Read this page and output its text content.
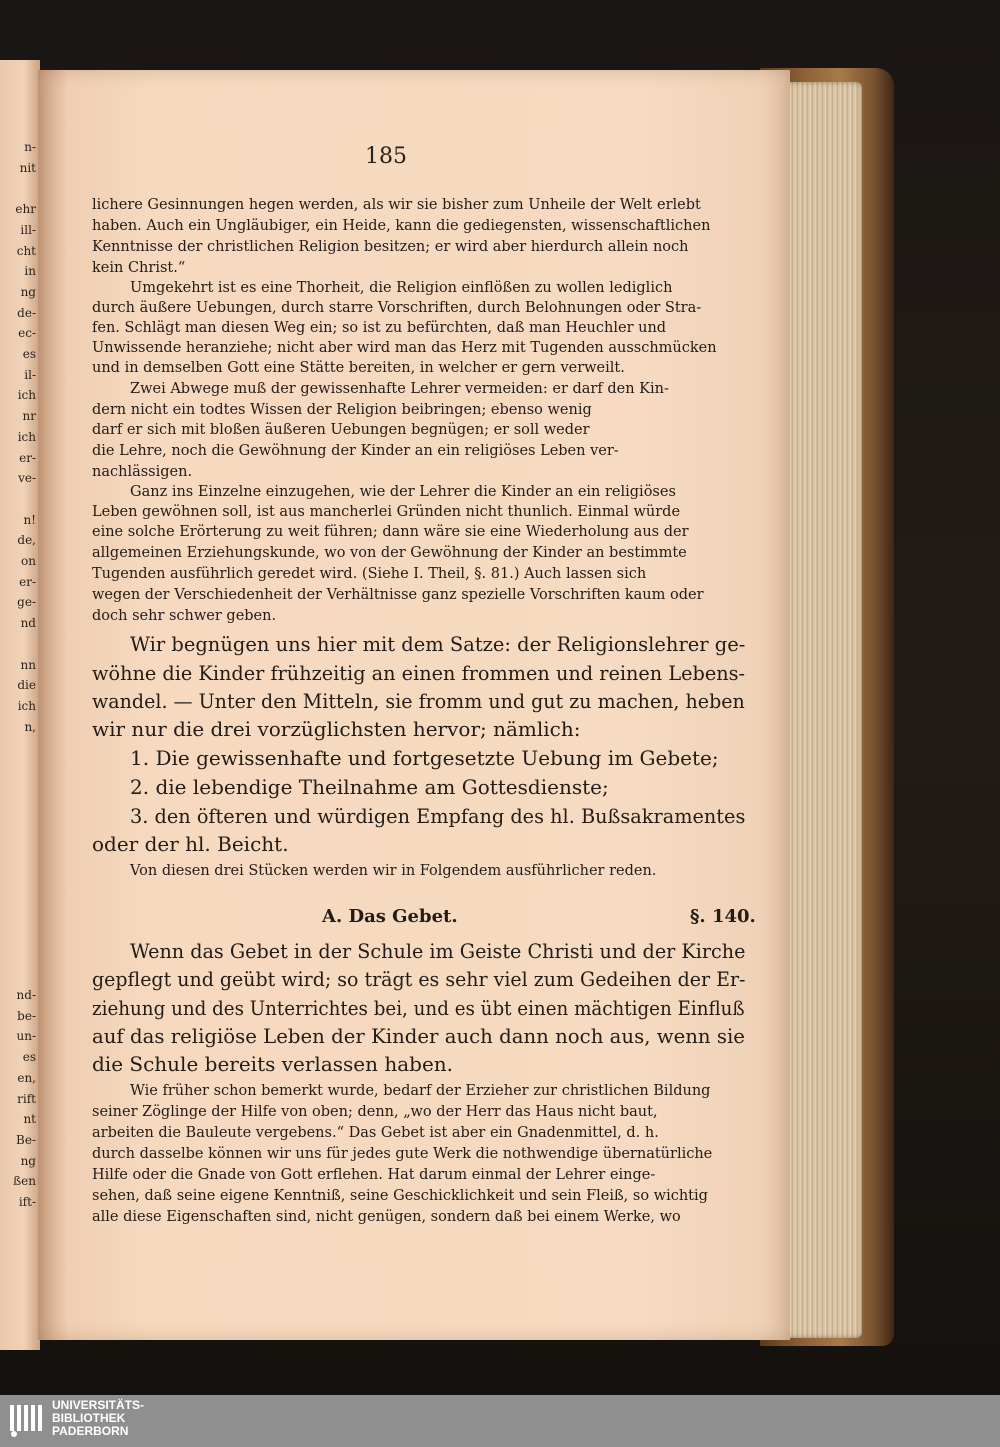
n-
nit
ehr
ill-
cht
in
ng
de-
ec-
es
il-
ich
nr
ich
er-
ve-
n!
de,
on
er-
ge-
nd
nn
die
ich
n,
nd-
be-
un-
es
en,
rift
nt
Be-
ng
ßen
ift-
185
lichere Gesinnungen hegen werden, als wir sie bisher zum Unheile der Welt erlebt
haben. Auch ein Ungläubiger, ein Heide, kann die gediegensten, wissenschaftlichen
Kenntnisse der christlichen Religion besitzen; er wird aber hierdurch allein noch
kein Christ.“
Umgekehrt ist es eine Thorheit, die Religion einflößen zu wollen lediglich
durch äußere Uebungen, durch starre Vorschriften, durch Belohnungen oder Stra-
fen. Schlägt man diesen Weg ein; so ist zu befürchten, daß man Heuchler und
Unwissende heranziehe; nicht aber wird man das Herz mit Tugenden ausschmücken
und in demselben Gott eine Stätte bereiten, in welcher er gern verweilt.
Zwei Abwege muß der gewissenhafte Lehrer vermeiden: er darf den Kin-
dern nicht ein todtes Wissen der Religion beibringen; ebenso wenig
darf er sich mit bloßen äußeren Uebungen begnügen; er soll weder
die Lehre, noch die Gewöhnung der Kinder an ein religiöses Leben ver-
nachlässigen.
Ganz ins Einzelne einzugehen, wie der Lehrer die Kinder an ein religiöses
Leben gewöhnen soll, ist aus mancherlei Gründen nicht thunlich. Einmal würde
eine solche Erörterung zu weit führen; dann wäre sie eine Wiederholung aus der
allgemeinen Erziehungskunde, wo von der Gewöhnung der Kinder an bestimmte
Tugenden ausführlich geredet wird. (Siehe I. Theil, §. 81.) Auch lassen sich
wegen der Verschiedenheit der Verhältnisse ganz spezielle Vorschriften kaum oder
doch sehr schwer geben.
Wir begnügen uns hier mit dem Satze: der Religionslehrer ge-
wöhne die Kinder frühzeitig an einen frommen und reinen Lebens-
wandel. — Unter den Mitteln, sie fromm und gut zu machen, heben
wir nur die drei vorzüglichsten hervor; nämlich:
1. Die gewissenhafte und fortgesetzte Uebung im Gebete;
2. die lebendige Theilnahme am Gottesdienste;
3. den öfteren und würdigen Empfang des hl. Bußsakramentes
oder der hl. Beicht.
Von diesen drei Stücken werden wir in Folgendem ausführlicher reden.
A. Das Gebet.	§. 140.
Wenn das Gebet in der Schule im Geiste Christi und der Kirche
gepflegt und geübt wird; so trägt es sehr viel zum Gedeihen der Er-
ziehung und des Unterrichtes bei, und es übt einen mächtigen Einfluß
auf das religiöse Leben der Kinder auch dann noch aus, wenn sie
die Schule bereits verlassen haben.
Wie früher schon bemerkt wurde, bedarf der Erzieher zur christlichen Bildung
seiner Zöglinge der Hilfe von oben; denn, „wo der Herr das Haus nicht baut,
arbeiten die Bauleute vergebens.“ Das Gebet ist aber ein Gnadenmittel, d. h.
durch dasselbe können wir uns für jedes gute Werk die nothwendige übernatürliche
Hilfe oder die Gnade von Gott erflehen. Hat darum einmal der Lehrer einge-
sehen, daß seine eigene Kenntniß, seine Geschicklichkeit und sein Fleiß, so wichtig
alle diese Eigenschaften sind, nicht genügen, sondern daß bei einem Werke, wo
UNIVERSITÄTS-
BIBLIOTHEK
PADERBORN
